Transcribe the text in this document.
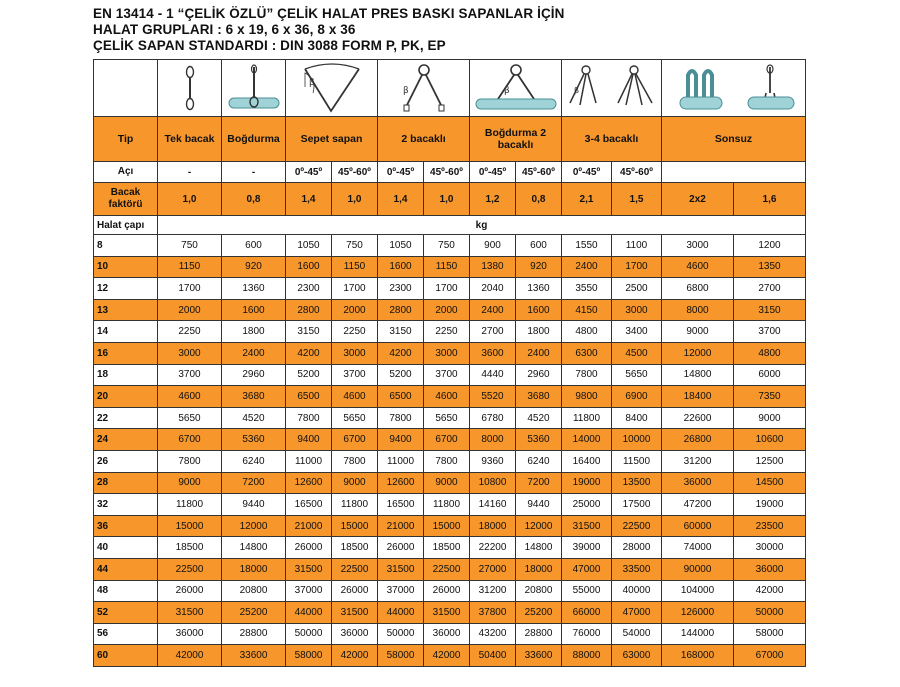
EN 13414 - 1 “ÇELİK ÖZLÜ” ÇELİK HALAT PRES BASKI SAPANLAR İÇİN
HALAT GRUPLARI : 6 x 19, 6 x 36, 8 x 36
ÇELİK SAPAN STANDARDI : DIN 3088 FORM P, PK, EP

β		β		β		β

Tip	Tek bacak	Boğdurma	Sepet sapan		2 bacaklı		Boğdurma 2 bacaklı		3-4 bacaklı		Sonsuz	
Açı	-	-	0º-45º	45º-60º	0º-45º	45º-60º	0º-45º	45º-60º	0º-45º	45º-60º		
Bacak faktörü	1,0	0,8	1,4	1,0	1,4	1,0	1,2	0,8	2,1	1,5	2x2	1,6
Halat çapı	kg											
8	750	600	1050	750	1050	750	900	600	1550	1100	3000	1200
10	1150	920	1600	1150	1600	1150	1380	920	2400	1700	4600	1350
12	1700	1360	2300	1700	2300	1700	2040	1360	3550	2500	6800	2700
13	2000	1600	2800	2000	2800	2000	2400	1600	4150	3000	8000	3150
14	2250	1800	3150	2250	3150	2250	2700	1800	4800	3400	9000	3700
16	3000	2400	4200	3000	4200	3000	3600	2400	6300	4500	12000	4800
18	3700	2960	5200	3700	5200	3700	4440	2960	7800	5650	14800	6000
20	4600	3680	6500	4600	6500	4600	5520	3680	9800	6900	18400	7350
22	5650	4520	7800	5650	7800	5650	6780	4520	11800	8400	22600	9000
24	6700	5360	9400	6700	9400	6700	8000	5360	14000	10000	26800	10600
26	7800	6240	11000	7800	11000	7800	9360	6240	16400	11500	31200	12500
28	9000	7200	12600	9000	12600	9000	10800	7200	19000	13500	36000	14500
32	11800	9440	16500	11800	16500	11800	14160	9440	25000	17500	47200	19000
36	15000	12000	21000	15000	21000	15000	18000	12000	31500	22500	60000	23500
40	18500	14800	26000	18500	26000	18500	22200	14800	39000	28000	74000	30000
44	22500	18000	31500	22500	31500	22500	27000	18000	47000	33500	90000	36000
48	26000	20800	37000	26000	37000	26000	31200	20800	55000	40000	104000	42000
52	31500	25200	44000	31500	44000	31500	37800	25200	66000	47000	126000	50000
56	36000	28800	50000	36000	50000	36000	43200	28800	76000	54000	144000	58000
60	42000	33600	58000	42000	58000	42000	50400	33600	88000	63000	168000	67000
